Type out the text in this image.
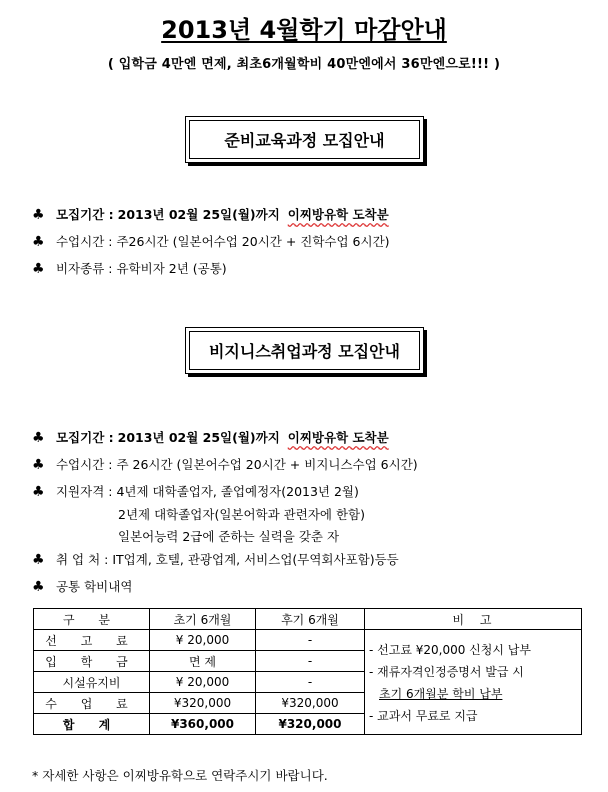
2013년 4월학기 마감안내
( 입학금 4만엔 면제, 최초6개월학비 40만엔에서 36만엔으로!!! )
준비교육과정 모집안내
♣ 모집기간 : 2013년 02월 25일(월)까지 이찌방유학 도착분
♣ 수업시간 : 주26시간 (일본어수업 20시간 + 진학수업 6시간)
♣ 비자종류 : 유학비자 2년 (공통)
비지니스취업과정 모집안내
♣ 모집기간 : 2013년 02월 25일(월)까지 이찌방유학 도착분
♣ 수업시간 : 주 26시간 (일본어수업 20시간 + 비지니스수업 6시간)
♣ 지원자격 : 4년제 대학졸업자, 졸업예정자(2013년 2월)
2년제 대학졸업자(일본어학과 관련자에 한함)
일본어능력 2급에 준하는 실력을 갖춘 자
♣ 취 업 처 : IT업계, 호텔, 관광업계, 서비스업(무역회사포함)등등
♣ 공통 학비내역
구 분	초기 6개월	후기 6개월	비 고
선 고 료	¥ 20,000	-	- 선고료 ¥20,000 신청시 납부
- 재류자격인정증명서 발급 시
초기 6개월분 학비 납부
- 교과서 무료로 지급

입 학 금	면 제	-	
시설유지비	¥ 20,000	-	
수 업 료	¥320,000	¥320,000	
합 계	¥360,000	¥320,000	
* 자세한 사항은 이찌방유학으로 연락주시기 바랍니다.
